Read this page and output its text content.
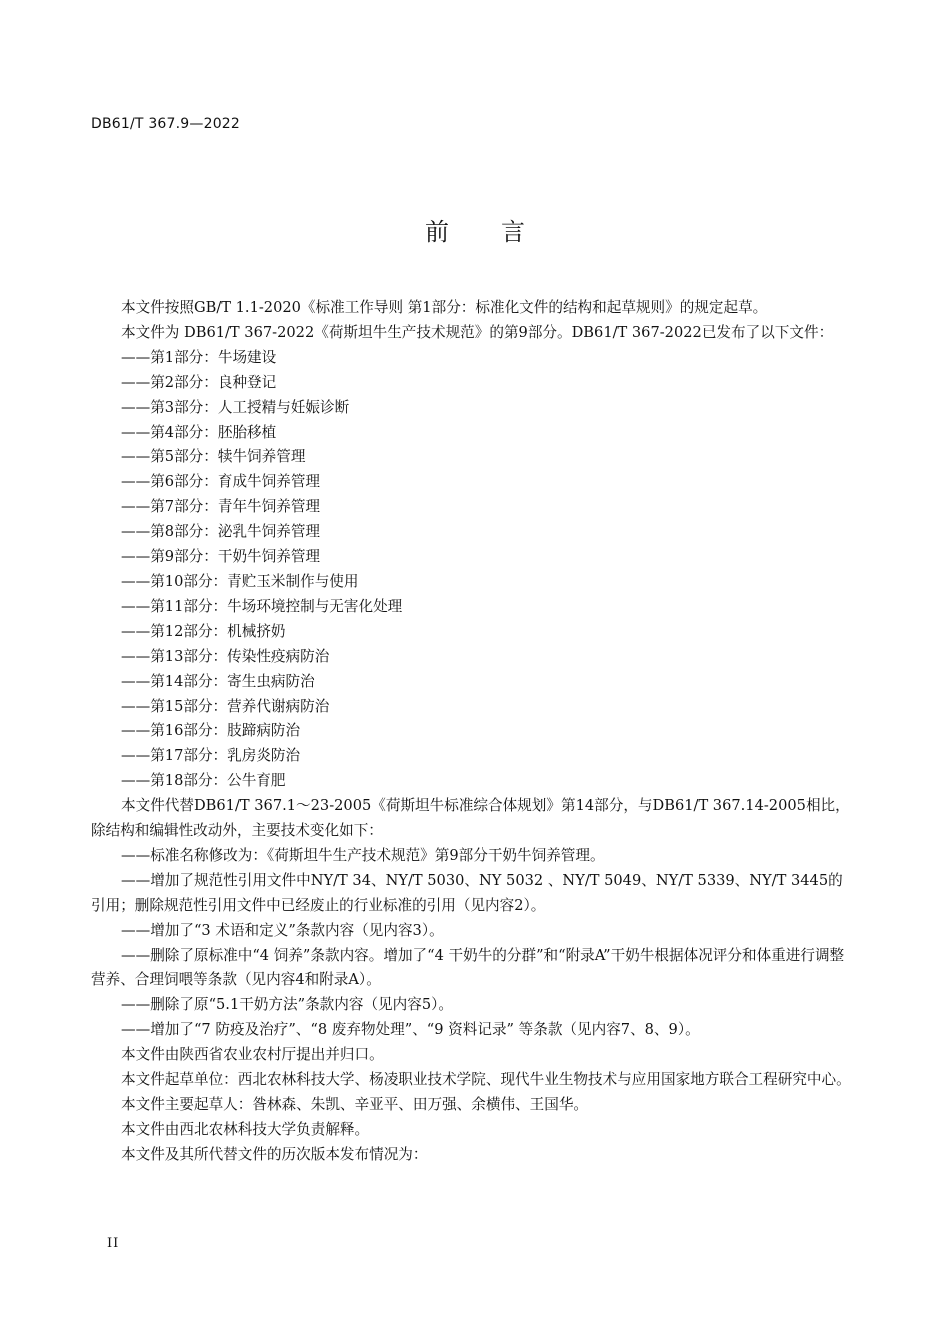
DB61/T 367.9—2022
前言

本文件按照GB/T 1.1-2020《标准工作导则 第1部分：标准化文件的结构和起草规则》的规定起草。

本文件为 DB61/T 367-2022《荷斯坦牛生产技术规范》的第9部分。DB61/T 367-2022已发布了以下文件：

——第1部分：牛场建设

——第2部分：良种登记

——第3部分：人工授精与妊娠诊断

——第4部分：胚胎移植

——第5部分：犊牛饲养管理

——第6部分：育成牛饲养管理

——第7部分：青年牛饲养管理

——第8部分：泌乳牛饲养管理

——第9部分：干奶牛饲养管理

——第10部分：青贮玉米制作与使用

——第11部分：牛场环境控制与无害化处理

——第12部分：机械挤奶

——第13部分：传染性疫病防治

——第14部分：寄生虫病防治

——第15部分：营养代谢病防治

——第16部分：肢蹄病防治

——第17部分：乳房炎防治

——第18部分：公牛育肥

本文件代替DB61/T 367.1～23-2005《荷斯坦牛标准综合体规划》第14部分，与DB61/T 367.14-2005相比，除结构和编辑性改动外，主要技术变化如下：

——标准名称修改为：《荷斯坦牛生产技术规范》第9部分干奶牛饲养管理。

——增加了规范性引用文件中NY/T 34、NY/T 5030、NY 5032 、NY/T 5049、NY/T 5339、NY/T 3445的引用；删除规范性引用文件中已经废止的行业标准的引用（见内容2）。

——增加了“3 术语和定义”条款内容（见内容3）。

——删除了原标准中“4 饲养”条款内容。增加了“4 干奶牛的分群”和“附录A”干奶牛根据体况评分和体重进行调整营养、合理饲喂等条款（见内容4和附录A）。

——删除了原“5.1干奶方法”条款内容（见内容5）。

——增加了“7 防疫及治疗”、“8 废弃物处理”、“9 资料记录” 等条款（见内容7、8、9）。

本文件由陕西省农业农村厅提出并归口。

本文件起草单位：西北农林科技大学、杨凌职业技术学院、现代牛业生物技术与应用国家地方联合工程研究中心。

本文件主要起草人：昝林森、朱凯、辛亚平、田万强、余横伟、王国华。

本文件由西北农林科技大学负责解释。

本文件及其所代替文件的历次版本发布情况为：

II
